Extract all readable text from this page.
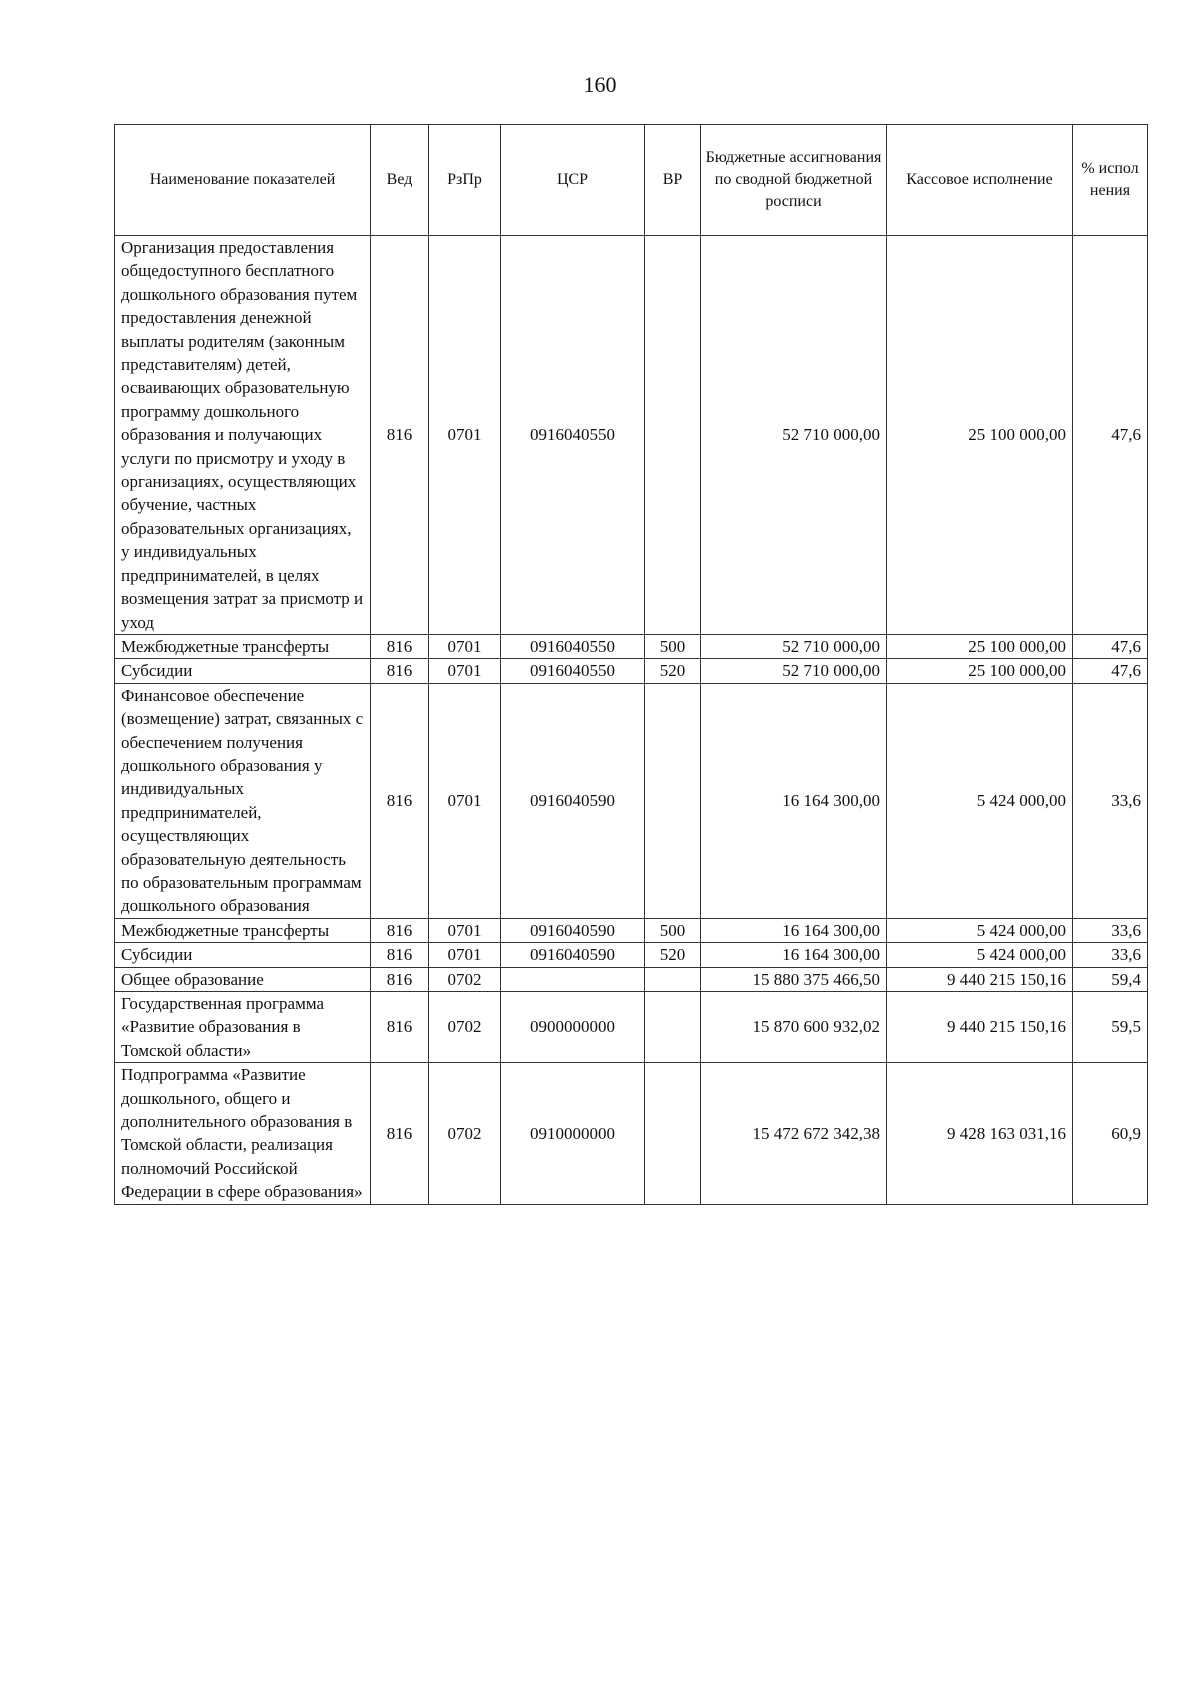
160
Наименование показателей	Вед	РзПр	ЦСР	ВР	Бюджетные ассигнования по сводной бюджетной росписи	Кассовое исполнение	% испол нения
Организация предоставления общедоступного бесплатного дошкольного образования путем предоставления денежной выплаты родителям (законным представителям) детей, осваивающих образовательную программу дошкольного образования и получающих услуги по присмотру и уходу в организациях, осуществляющих обучение, частных образовательных организациях, у индивидуальных предпринимателей, в целях возмещения затрат за присмотр и уход	816	0701	0916040550		52 710 000,00	25 100 000,00	47,6
Межбюджетные трансферты	816	0701	0916040550	500	52 710 000,00	25 100 000,00	47,6
Субсидии	816	0701	0916040550	520	52 710 000,00	25 100 000,00	47,6
Финансовое обеспечение (возмещение) затрат, связанных с обеспечением получения дошкольного образования у индивидуальных предпринимателей, осуществляющих образовательную деятельность по образовательным программам дошкольного образования	816	0701	0916040590		16 164 300,00	5 424 000,00	33,6
Межбюджетные трансферты	816	0701	0916040590	500	16 164 300,00	5 424 000,00	33,6
Субсидии	816	0701	0916040590	520	16 164 300,00	5 424 000,00	33,6
Общее образование	816	0702			15 880 375 466,50	9 440 215 150,16	59,4
Государственная программа «Развитие образования в Томской области»	816	0702	0900000000		15 870 600 932,02	9 440 215 150,16	59,5
Подпрограмма «Развитие дошкольного, общего и дополнительного образования в Томской области, реализация полномочий Российской Федерации в сфере образования»	816	0702	0910000000		15 472 672 342,38	9 428 163 031,16	60,9
